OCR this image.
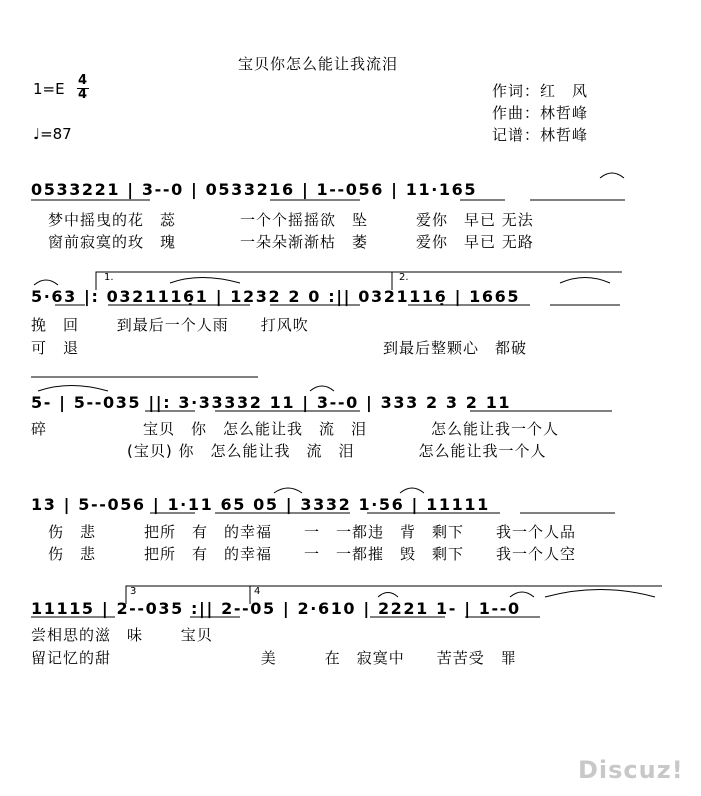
宝贝你怎么能让我流泪
1=E 4
4
♩=87
作词：红　风
作曲：林哲峰
记谱：林哲峰
0533221 | 3--0 | 0533216 | 1--056 | 11·165
梦中摇曳的花　蕊　　　　一个个摇摇欲　坠　　　爱你　早已 无法
窗前寂寞的玫　瑰　　　　一朵朵渐渐枯　萎　　　爱你　早已 无路
5·63 |: 0321116̣1 | 1232 2 0 :|| 0321116̣ | 1665
1.	2.
挽　回　　 到最后一个人雨　　打风吹
可　退　　　　　　　　　　　　　　　　　　　到最后整颗心　都破
5- | 5--035 ||: 3·33332 11 | 3--0 | 333 2 3 2 11
碎　　　　　　宝贝　你　怎么能让我　流　泪　　　　怎么能让我一个人
　　　　　　(宝贝) 你　怎么能让我　流　泪　　　　怎么能让我一个人
13 | 5--056 | 1·11 65 05 | 3332 1·56 | 11111
伤　悲　　　把所　有　的幸福　　一　一都违　背　剩下　　我一个人品
伤　悲　　　把所　有　的幸福　　一　一都摧　毁　剩下　　我一个人空
11115 | 2--035 :|| 2--05 | 2·610 | 2221 1- | 1--0
3	4
尝相思的滋　味　　 宝贝
留记忆的甜　　　　　　　　　 美　　　在　寂寞中　　苦苦受　罪
Discuz!
